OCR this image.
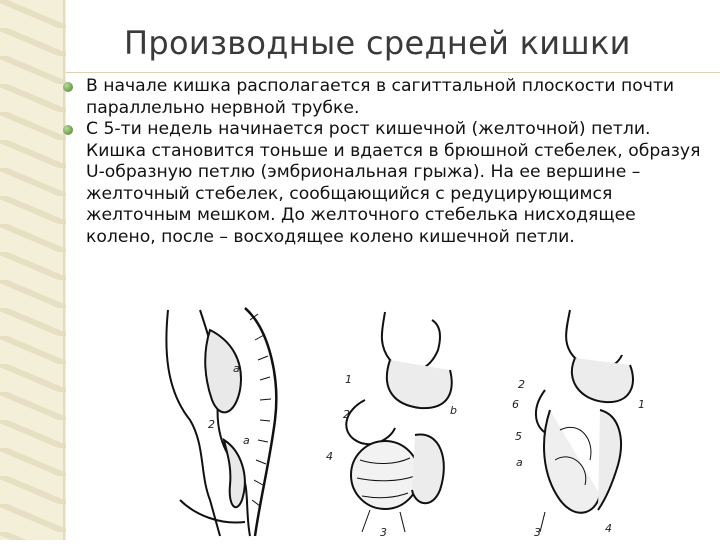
Производные средней кишки
В начале кишка располагается в сагиттальной плоскости почти параллельно нервной трубке.
С 5-ти недель начинается рост кишечной (желточной) петли. Кишка становится тоньше и вдается в брюшной стебелек, образуя U-образную петлю (эмбриональная грыжа). На ее вершине – желточный стебелек, сообщающийся с редуцирующимся желточным мешком. До желточного стебелька нисходящее колено, после – восходящее колено кишечной петли.
a
2
a
1
2	b
4
3
2
6	1
5
a
3	4
